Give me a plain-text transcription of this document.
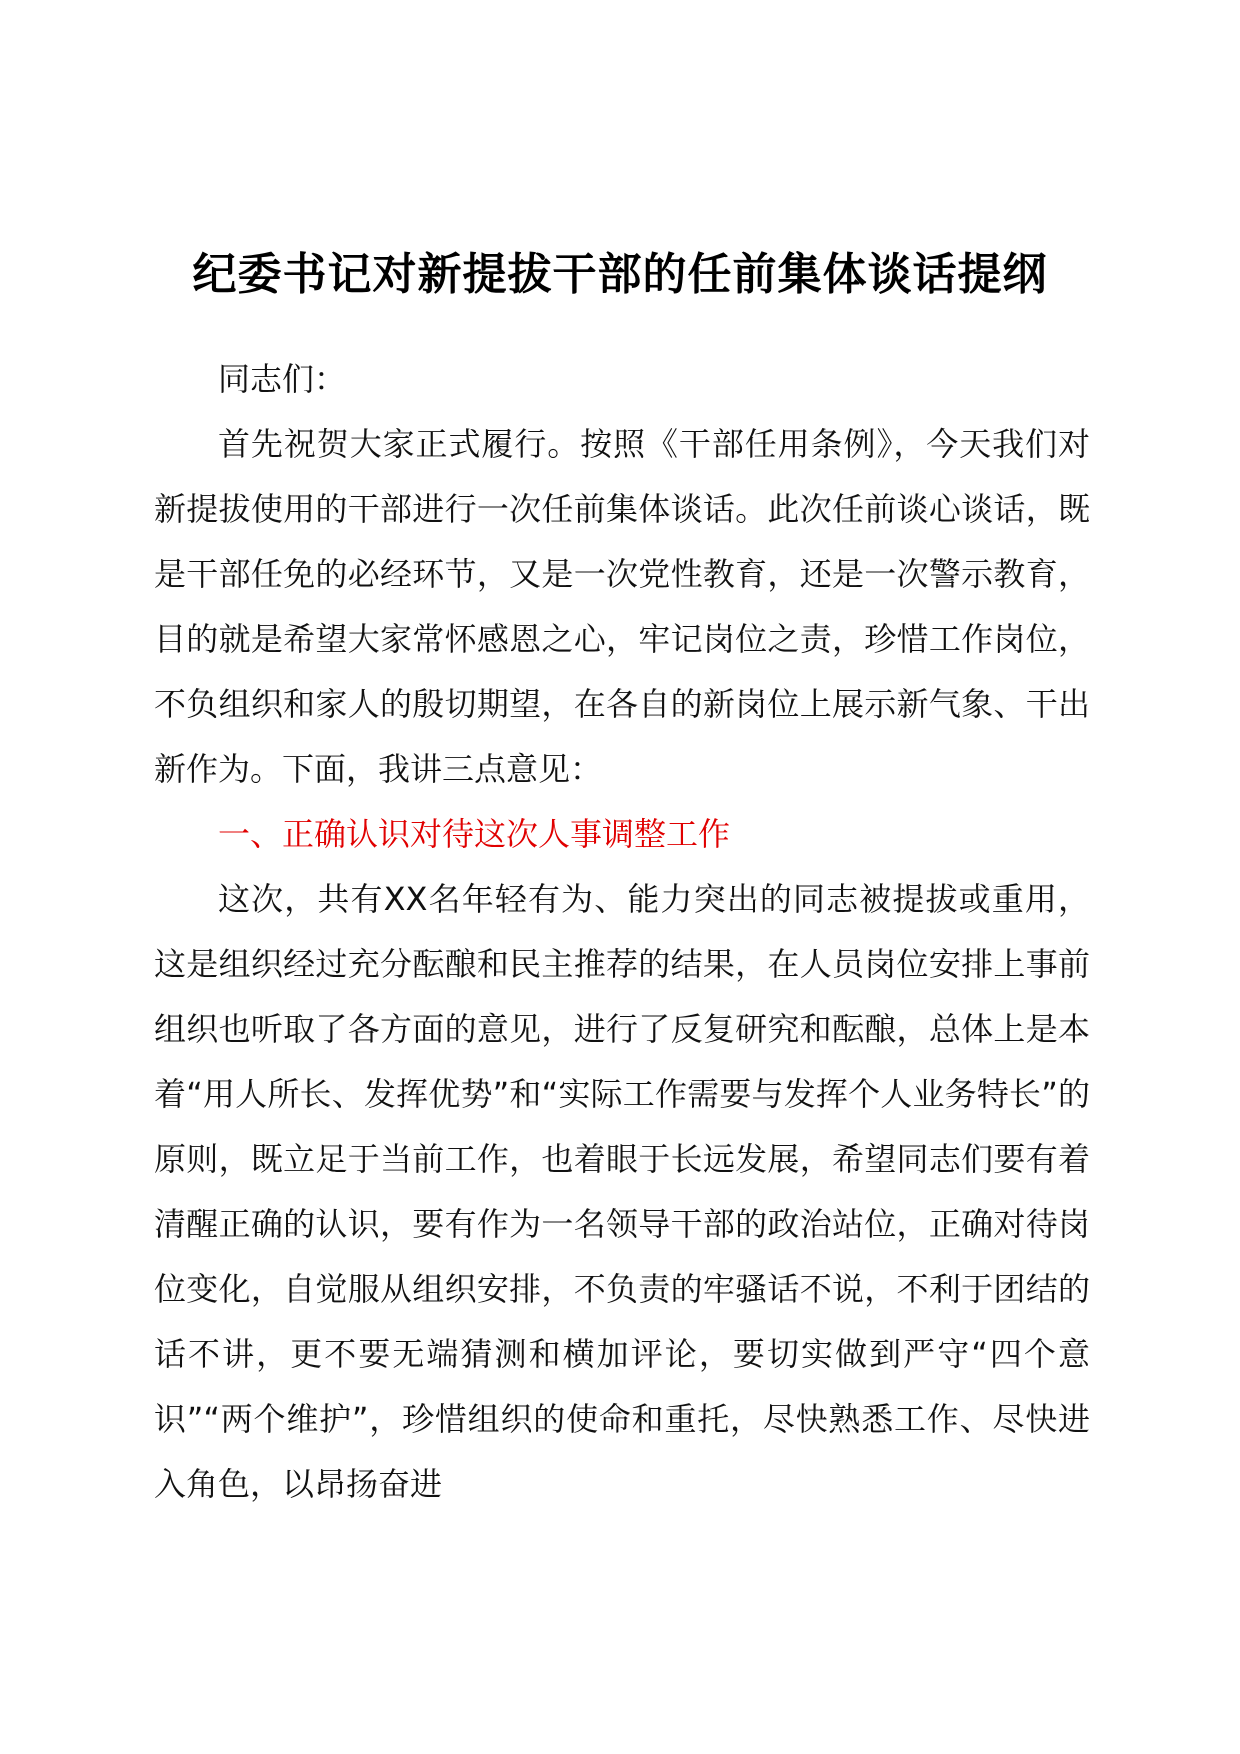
纪委书记对新提拔干部的任前集体谈话提纲

同志们：

首先祝贺大家正式履行。按照《干部任用条例》，今天我们对新提拔使用的干部进行一次任前集体谈话。此次任前谈心谈话，既是干部任免的必经环节，又是一次党性教育，还是一次警示教育，目的就是希望大家常怀感恩之心，牢记岗位之责，珍惜工作岗位，不负组织和家人的殷切期望，在各自的新岗位上展示新气象、干出新作为。下面，我讲三点意见：

一、正确认识对待这次人事调整工作

这次，共有XX名年轻有为、能力突出的同志被提拔或重用，这是组织经过充分酝酿和民主推荐的结果，在人员岗位安排上事前组织也听取了各方面的意见，进行了反复研究和酝酿，总体上是本着“用人所长、发挥优势”和“实际工作需要与发挥个人业务特长”的原则，既立足于当前工作，也着眼于长远发展，希望同志们要有着清醒正确的认识，要有作为一名领导干部的政治站位，正确对待岗位变化，自觉服从组织安排，不负责的牢骚话不说，不利于团结的话不讲，更不要无端猜测和横加评论，要切实做到严守“四个意识”“两个维护”，珍惜组织的使命和重托，尽快熟悉工作、尽快进入角色，以昂扬奋进
